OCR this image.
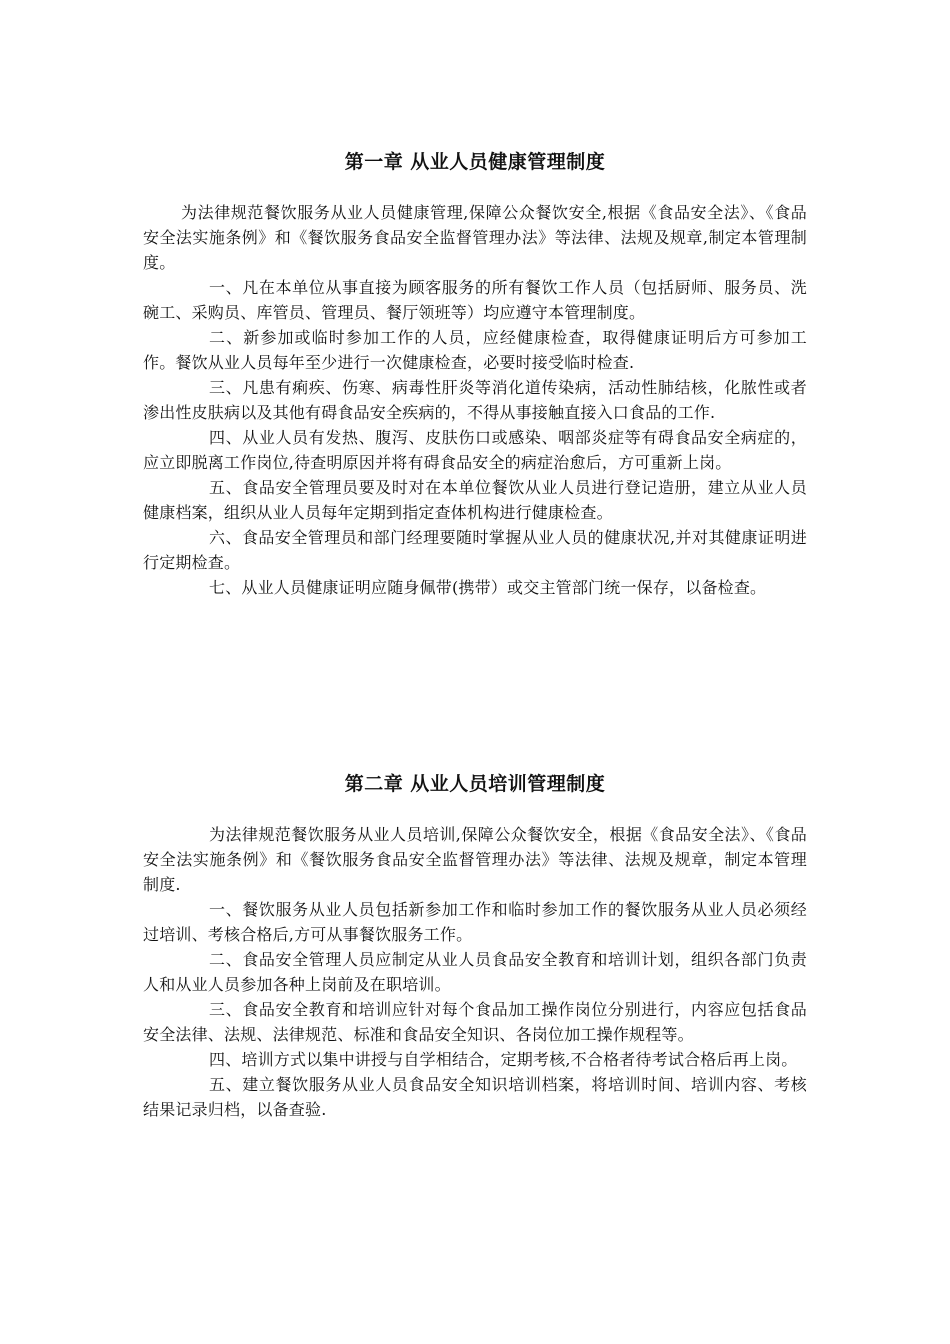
第一章 从业人员健康管理制度

为法律规范餐饮服务从业人员健康管理,保障公众餐饮安全,根据《食品安全法》、《食品安全法实施条例》和《餐饮服务食品安全监督管理办法》等法律、法规及规章,制定本管理制度。

一、凡在本单位从事直接为顾客服务的所有餐饮工作人员（包括厨师、服务员、洗碗工、采购员、库管员、管理员、餐厅领班等）均应遵守本管理制度。

二、新参加或临时参加工作的人员，应经健康检查，取得健康证明后方可参加工作。餐饮从业人员每年至少进行一次健康检查，必要时接受临时检查.

三、凡患有痢疾、伤寒、病毒性肝炎等消化道传染病，活动性肺结核，化脓性或者渗出性皮肤病以及其他有碍食品安全疾病的，不得从事接触直接入口食品的工作.

四、从业人员有发热、腹泻、皮肤伤口或感染、咽部炎症等有碍食品安全病症的，应立即脱离工作岗位,待查明原因并将有碍食品安全的病症治愈后，方可重新上岗。

五、食品安全管理员要及时对在本单位餐饮从业人员进行登记造册，建立从业人员健康档案，组织从业人员每年定期到指定查体机构进行健康检查。

六、食品安全管理员和部门经理要随时掌握从业人员的健康状况,并对其健康证明进行定期检查。

七、从业人员健康证明应随身佩带(携带）或交主管部门统一保存，以备检查。

第二章 从业人员培训管理制度

为法律规范餐饮服务从业人员培训,保障公众餐饮安全，根据《食品安全法》、《食品安全法实施条例》和《餐饮服务食品安全监督管理办法》等法律、法规及规章，制定本管理制度.

一、餐饮服务从业人员包括新参加工作和临时参加工作的餐饮服务从业人员必须经过培训、考核合格后,方可从事餐饮服务工作。

二、食品安全管理人员应制定从业人员食品安全教育和培训计划，组织各部门负责人和从业人员参加各种上岗前及在职培训。

三、食品安全教育和培训应针对每个食品加工操作岗位分别进行，内容应包括食品安全法律、法规、法律规范、标准和食品安全知识、各岗位加工操作规程等。

四、培训方式以集中讲授与自学相结合，定期考核,不合格者待考试合格后再上岗。

五、建立餐饮服务从业人员食品安全知识培训档案，将培训时间、培训内容、考核结果记录归档，以备查验.
